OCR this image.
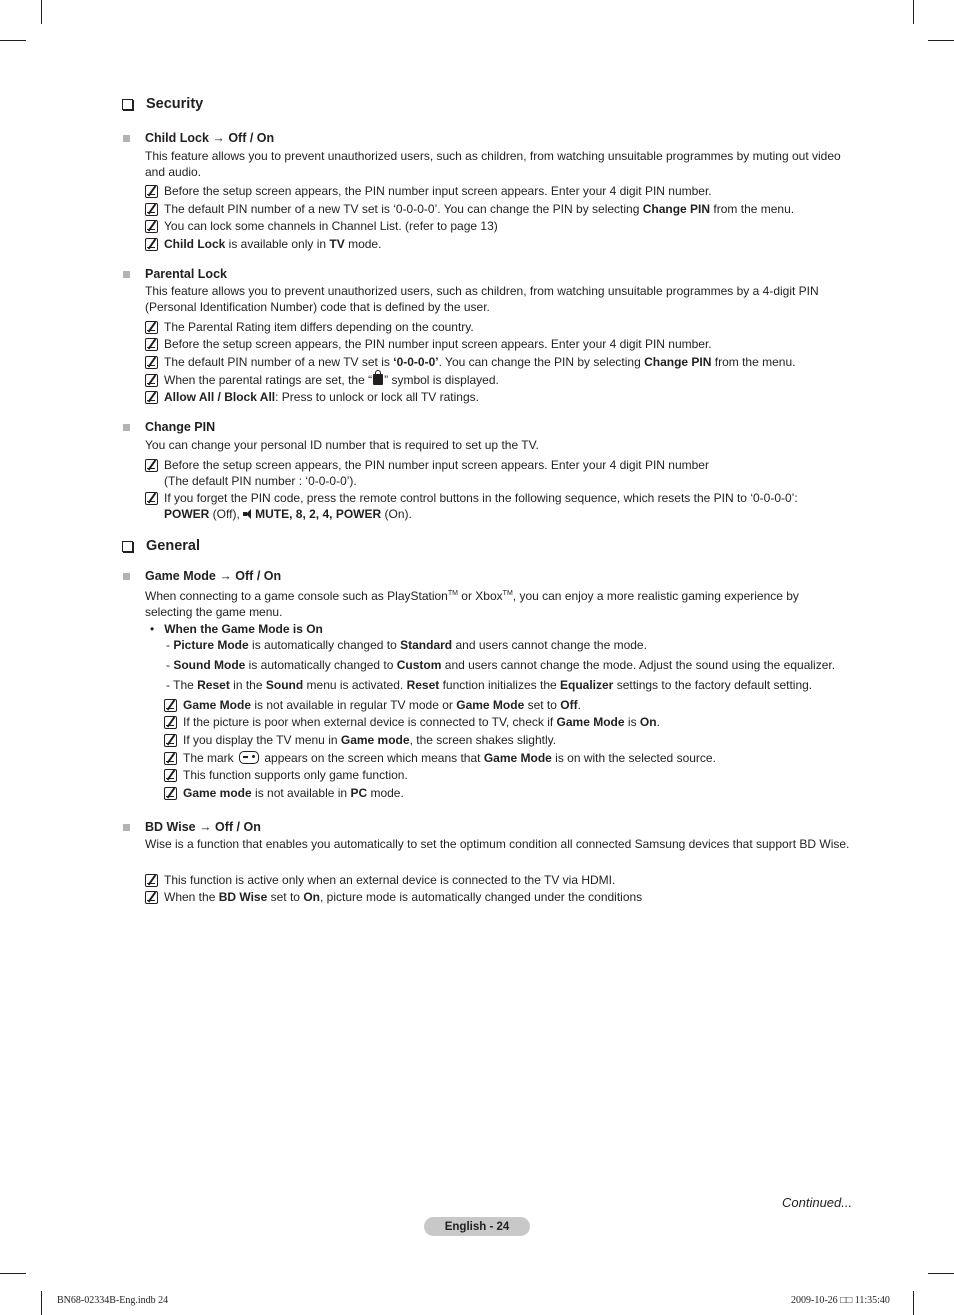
Security
Child Lock → Off / On
This feature allows you to prevent unauthorized users, such as children, from watching unsuitable programmes by muting out video and audio.
Before the setup screen appears, the PIN number input screen appears. Enter your 4 digit PIN number.
The default PIN number of a new TV set is ‘0-0-0-0’. You can change the PIN by selecting Change PIN from the menu.
You can lock some channels in Channel List. (refer to page 13)
Child Lock is available only in TV mode.
Parental Lock
This feature allows you to prevent unauthorized users, such as children, from watching unsuitable programmes by a 4-digit PIN (Personal Identification Number) code that is defined by the user.
The Parental Rating item differs depending on the country.
Before the setup screen appears, the PIN number input screen appears. Enter your 4 digit PIN number.
The default PIN number of a new TV set is ‘0-0-0-0’. You can change the PIN by selecting Change PIN from the menu.
When the parental ratings are set, the “ ” symbol is displayed.
Allow All / Block All: Press to unlock or lock all TV ratings.
Change PIN
You can change your personal ID number that is required to set up the TV.
Before the setup screen appears, the PIN number input screen appears. Enter your 4 digit PIN number
(The default PIN number : ‘0-0-0-0’).
If you forget the PIN code, press the remote control buttons in the following sequence, which resets the PIN to ‘0-0-0-0’:
POWER (Off), MUTE, 8, 2, 4, POWER (On).
General
Game Mode → Off / On
When connecting to a game console such as PlayStation™ or Xbox™, you can enjoy a more realistic gaming experience by
selecting the game menu.
• When the Game Mode is On
- Picture Mode is automatically changed to Standard and users cannot change the mode.
- Sound Mode is automatically changed to Custom and users cannot change the mode. Adjust the sound using the equalizer.
- The Reset in the Sound menu is activated. Reset function initializes the Equalizer settings to the factory default setting.
Game Mode is not available in regular TV mode or Game Mode set to Off.
If the picture is poor when external device is connected to TV, check if Game Mode is On.
If you display the TV menu in Game mode, the screen shakes slightly.
The mark  appears on the screen which means that Game Mode is on with the selected source.
This function supports only game function.
Game mode is not available in PC mode.
BD Wise → Off / On
Wise is a function that enables you automatically to set the optimum condition all connected Samsung devices that support BD Wise.
This function is active only when an external device is connected to the TV via HDMI.
When the BD Wise set to On, picture mode is automatically changed under the conditions
Continued...
English - 24
BN68-02334B-Eng.indb 24	2009-10-26 □□ 11:35:40
